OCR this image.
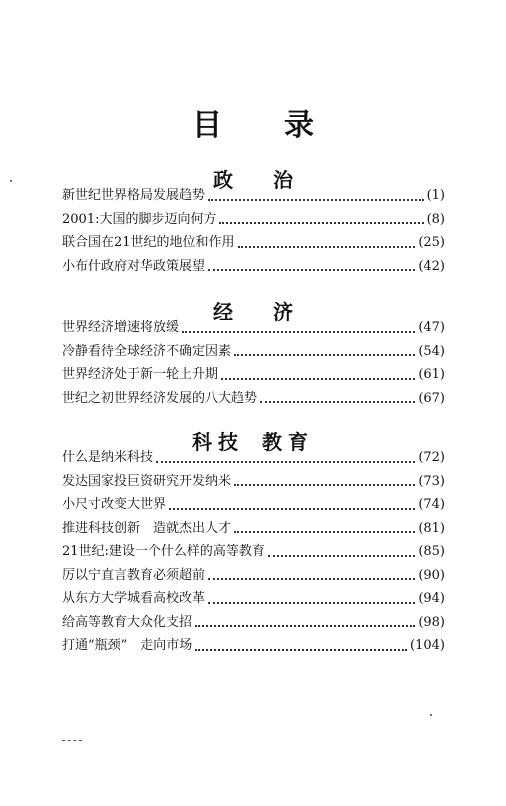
目 录
政 治
新世纪世界格局发展趋势	(1)
2001:大国的脚步迈向何方	(8)
联合国在21世纪的地位和作用	(25)
小布什政府对华政策展望	(42)
经 济
世界经济增速将放缓	(47)
冷静看待全球经济不确定因素	(54)
世界经济处于新一轮上升期	(61)
世纪之初世界经济发展的八大趋势	(67)
科技 教育
什么是纳米科技	(72)
发达国家投巨资研究开发纳米	(73)
小尺寸改变大世界	(74)
推进科技创新　造就杰出人才	(81)
21世纪:建设一个什么样的高等教育	(85)
厉以宁直言教育必须超前	(90)
从东方大学城看高校改革	(94)
给高等教育大众化支招	(98)
打通“瓶颈”　走向市场	(104)
